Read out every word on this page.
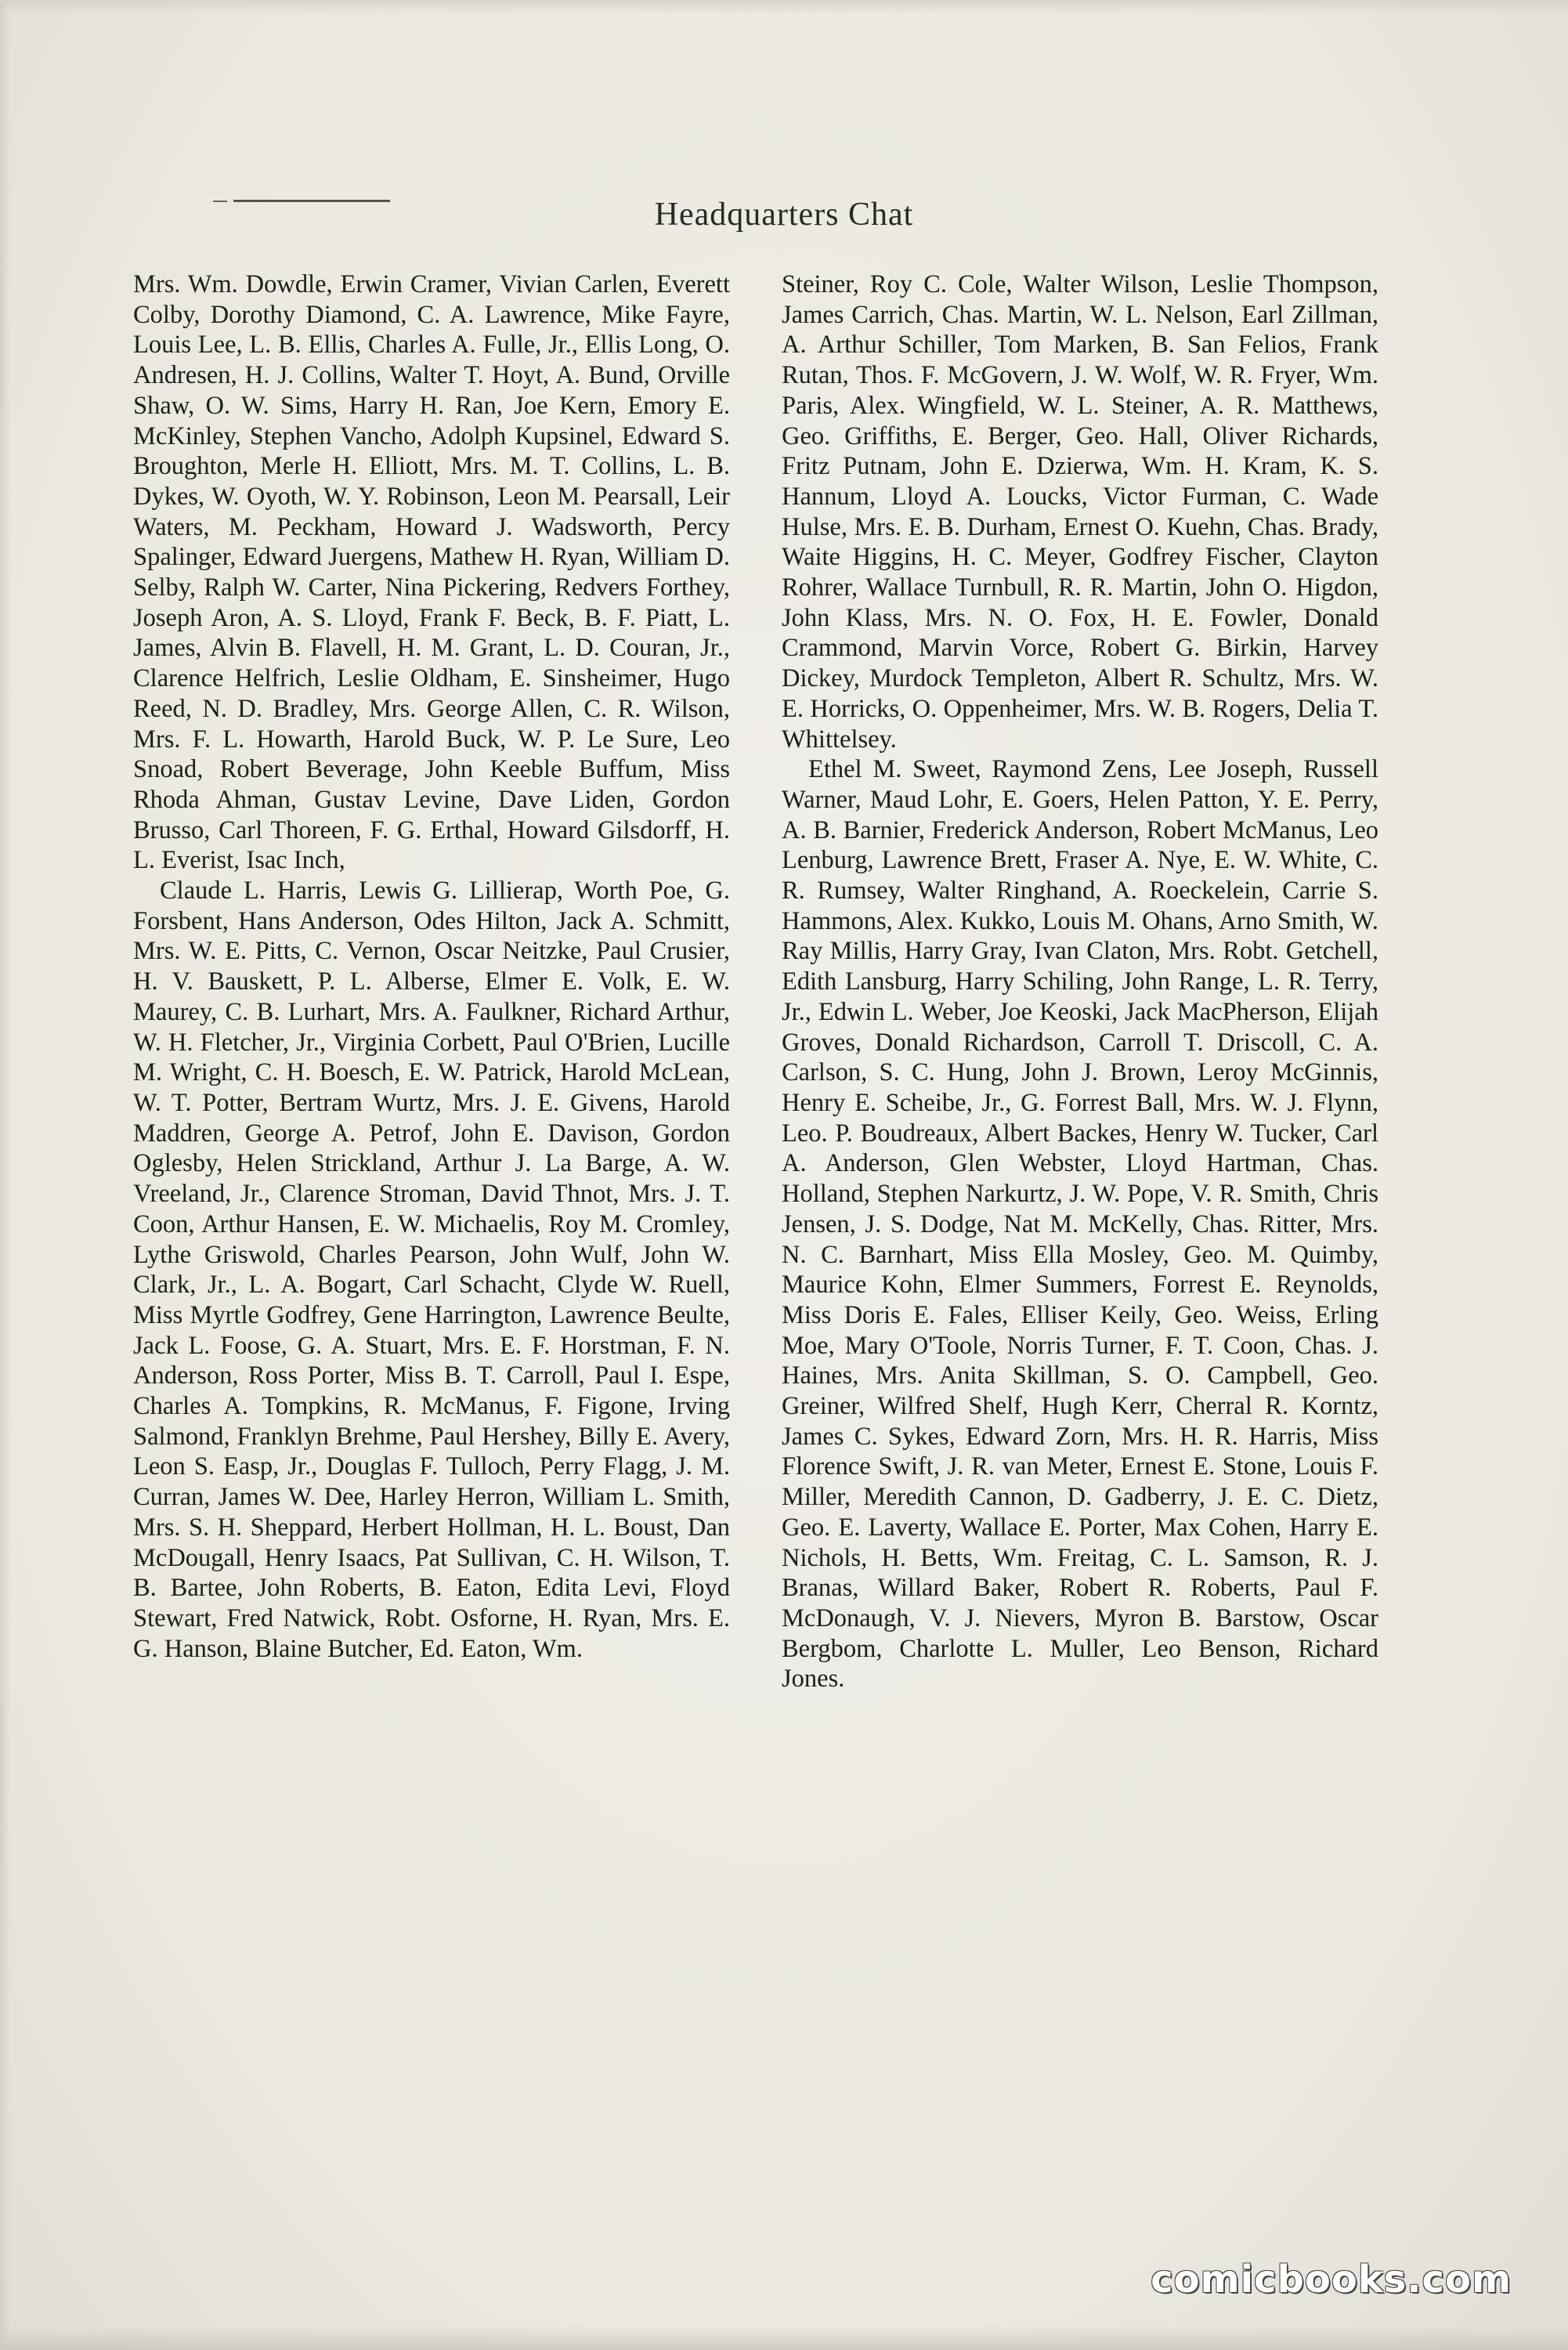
Headquarters Chat

Mrs. Wm. Dowdle, Erwin Cramer, Vivian Carlen, Everett Colby, Dorothy Diamond, C. A. Lawrence, Mike Fayre, Louis Lee, L. B. Ellis, Charles A. Fulle, Jr., Ellis Long, O. Andresen, H. J. Collins, Walter T. Hoyt, A. Bund, Orville Shaw, O. W. Sims, Harry H. Ran, Joe Kern, Emory E. McKinley, Stephen Vancho, Adolph Kupsinel, Edward S. Broughton, Merle H. Elliott, Mrs. M. T. Collins, L. B. Dykes, W. Oyoth, W. Y. Robinson, Leon M. Pearsall, Leir Waters, M. Peckham, Howard J. Wadsworth, Percy Spalinger, Edward Juergens, Mathew H. Ryan, William D. Selby, Ralph W. Carter, Nina Pickering, Redvers Forthey, Joseph Aron, A. S. Lloyd, Frank F. Beck, B. F. Piatt, L. James, Alvin B. Flavell, H. M. Grant, L. D. Couran, Jr., Clarence Helfrich, Leslie Oldham, E. Sinsheimer, Hugo Reed, N. D. Bradley, Mrs. George Allen, C. R. Wilson, Mrs. F. L. Howarth, Harold Buck, W. P. Le Sure, Leo Snoad, Robert Beverage, John Keeble Buffum, Miss Rhoda Ahman, Gustav Levine, Dave Liden, Gordon Brusso, Carl Thoreen, F. G. Erthal, Howard Gilsdorff, H. L. Everist, Isac Inch,

Claude L. Harris, Lewis G. Lillierap, Worth Poe, G. Forsbent, Hans Anderson, Odes Hilton, Jack A. Schmitt, Mrs. W. E. Pitts, C. Vernon, Oscar Neitzke, Paul Crusier, H. V. Bauskett, P. L. Alberse, Elmer E. Volk, E. W. Maurey, C. B. Lurhart, Mrs. A. Faulkner, Richard Arthur, W. H. Fletcher, Jr., Virginia Corbett, Paul O'Brien, Lucille M. Wright, C. H. Boesch, E. W. Patrick, Harold McLean, W. T. Potter, Bertram Wurtz, Mrs. J. E. Givens, Harold Maddren, George A. Petrof, John E. Davison, Gordon Oglesby, Helen Strickland, Arthur J. La Barge, A. W. Vreeland, Jr., Clarence Stroman, David Thnot, Mrs. J. T. Coon, Arthur Hansen, E. W. Michaelis, Roy M. Cromley, Lythe Griswold, Charles Pearson, John Wulf, John W. Clark, Jr., L. A. Bogart, Carl Schacht, Clyde W. Ruell, Miss Myrtle Godfrey, Gene Harrington, Lawrence Beulte, Jack L. Foose, G. A. Stuart, Mrs. E. F. Horstman, F. N. Anderson, Ross Porter, Miss B. T. Carroll, Paul I. Espe, Charles A. Tompkins, R. McManus, F. Figone, Irving Salmond, Franklyn Brehme, Paul Hershey, Billy E. Avery, Leon S. Easp, Jr., Douglas F. Tulloch, Perry Flagg, J. M. Curran, James W. Dee, Harley Herron, William L. Smith, Mrs. S. H. Sheppard, Herbert Hollman, H. L. Boust, Dan McDougall, Henry Isaacs, Pat Sullivan, C. H. Wilson, T. B. Bartee, John Roberts, B. Eaton, Edita Levi, Floyd Stewart, Fred Natwick, Robt. Osforne, H. Ryan, Mrs. E. G. Hanson, Blaine Butcher, Ed. Eaton, Wm.

Steiner, Roy C. Cole, Walter Wilson, Leslie Thompson, James Carrich, Chas. Martin, W. L. Nelson, Earl Zillman, A. Arthur Schiller, Tom Marken, B. San Felios, Frank Rutan, Thos. F. McGovern, J. W. Wolf, W. R. Fryer, Wm. Paris, Alex. Wingfield, W. L. Steiner, A. R. Matthews, Geo. Griffiths, E. Berger, Geo. Hall, Oliver Richards, Fritz Putnam, John E. Dzierwa, Wm. H. Kram, K. S. Hannum, Lloyd A. Loucks, Victor Furman, C. Wade Hulse, Mrs. E. B. Durham, Ernest O. Kuehn, Chas. Brady, Waite Higgins, H. C. Meyer, Godfrey Fischer, Clayton Rohrer, Wallace Turnbull, R. R. Martin, John O. Higdon, John Klass, Mrs. N. O. Fox, H. E. Fowler, Donald Crammond, Marvin Vorce, Robert G. Birkin, Harvey Dickey, Murdock Templeton, Albert R. Schultz, Mrs. W. E. Horricks, O. Oppenheimer, Mrs. W. B. Rogers, Delia T. Whittelsey.

Ethel M. Sweet, Raymond Zens, Lee Joseph, Russell Warner, Maud Lohr, E. Goers, Helen Patton, Y. E. Perry, A. B. Barnier, Frederick Anderson, Robert McManus, Leo Lenburg, Lawrence Brett, Fraser A. Nye, E. W. White, C. R. Rumsey, Walter Ringhand, A. Roeckelein, Carrie S. Hammons, Alex. Kukko, Louis M. Ohans, Arno Smith, W. Ray Millis, Harry Gray, Ivan Claton, Mrs. Robt. Getchell, Edith Lansburg, Harry Schiling, John Range, L. R. Terry, Jr., Edwin L. Weber, Joe Keoski, Jack MacPherson, Elijah Groves, Donald Richardson, Carroll T. Driscoll, C. A. Carlson, S. C. Hung, John J. Brown, Leroy McGinnis, Henry E. Scheibe, Jr., G. Forrest Ball, Mrs. W. J. Flynn, Leo. P. Boudreaux, Albert Backes, Henry W. Tucker, Carl A. Anderson, Glen Webster, Lloyd Hartman, Chas. Holland, Stephen Narkurtz, J. W. Pope, V. R. Smith, Chris Jensen, J. S. Dodge, Nat M. McKelly, Chas. Ritter, Mrs. N. C. Barnhart, Miss Ella Mosley, Geo. M. Quimby, Maurice Kohn, Elmer Summers, Forrest E. Reynolds, Miss Doris E. Fales, Elliser Keily, Geo. Weiss, Erling Moe, Mary O'Toole, Norris Turner, F. T. Coon, Chas. J. Haines, Mrs. Anita Skillman, S. O. Campbell, Geo. Greiner, Wilfred Shelf, Hugh Kerr, Cherral R. Korntz, James C. Sykes, Edward Zorn, Mrs. H. R. Harris, Miss Florence Swift, J. R. van Meter, Ernest E. Stone, Louis F. Miller, Meredith Cannon, D. Gadberry, J. E. C. Dietz, Geo. E. Laverty, Wallace E. Porter, Max Cohen, Harry E. Nichols, H. Betts, Wm. Freitag, C. L. Samson, R. J. Branas, Willard Baker, Robert R. Roberts, Paul F. McDonaugh, V. J. Nievers, Myron B. Barstow, Oscar Bergbom, Charlotte L. Muller, Leo Benson, Richard Jones.

comicbooks.com
